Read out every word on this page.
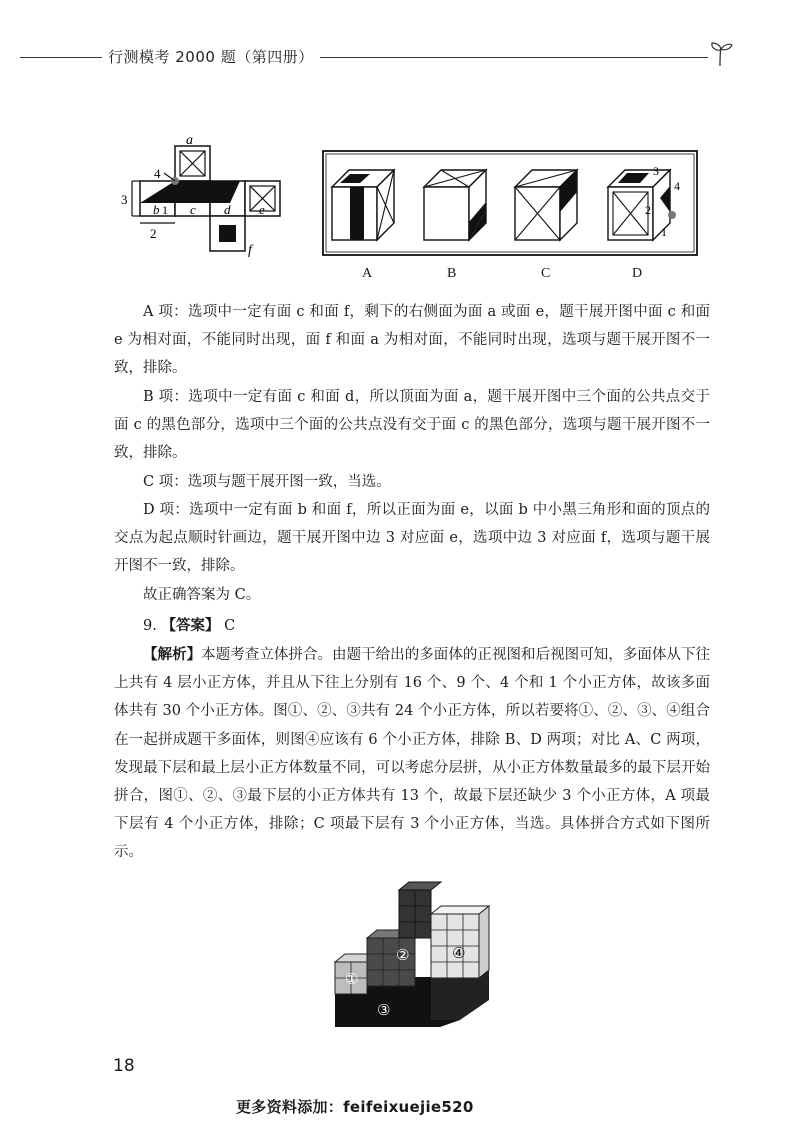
行测模考 2000 题（第四册）
a
b c d e
f
4
3
1
2
3
4
2
1
A	B	C	D
A 项：选项中一定有面 c 和面 f，剩下的右侧面为面 a 或面 e，题干展开图中面 c 和面 e 为相对面，不能同时出现，面 f 和面 a 为相对面，不能同时出现，选项与题干展开图不一致，排除。
B 项：选项中一定有面 c 和面 d，所以顶面为面 a，题干展开图中三个面的公共点交于面 c 的黑色部分，选项中三个面的公共点没有交于面 c 的黑色部分，选项与题干展开图不一致，排除。
C 项：选项与题干展开图一致，当选。
D 项：选项中一定有面 b 和面 f，所以正面为面 e，以面 b 中小黑三角形和面的顶点的交点为起点顺时针画边，题干展开图中边 3 对应面 e，选项中边 3 对应面 f，选项与题干展开图不一致，排除。
故正确答案为 C。
9. 【答案】 C
【解析】本题考查立体拼合。由题干给出的多面体的正视图和后视图可知，多面体从下往上共有 4 层小正方体，并且从下往上分别有 16 个、9 个、4 个和 1 个小正方体，故该多面体共有 30 个小正方体。图①、②、③共有 24 个小正方体，所以若要将①、②、③、④组合在一起拼成题干多面体，则图④应该有 6 个小正方体，排除 B、D 两项；对比 A、C 两项，发现最下层和最上层小正方体数量不同，可以考虑分层拼，从小正方体数量最多的最下层开始拼合，图①、②、③最下层的小正方体共有 13 个，故最下层还缺少 3 个小正方体，A 项最下层有 4 个小正方体，排除；C 项最下层有 3 个小正方体，当选。具体拼合方式如下图所示。
①
②
③
④
18
更多资料添加：feifeixuejie520
